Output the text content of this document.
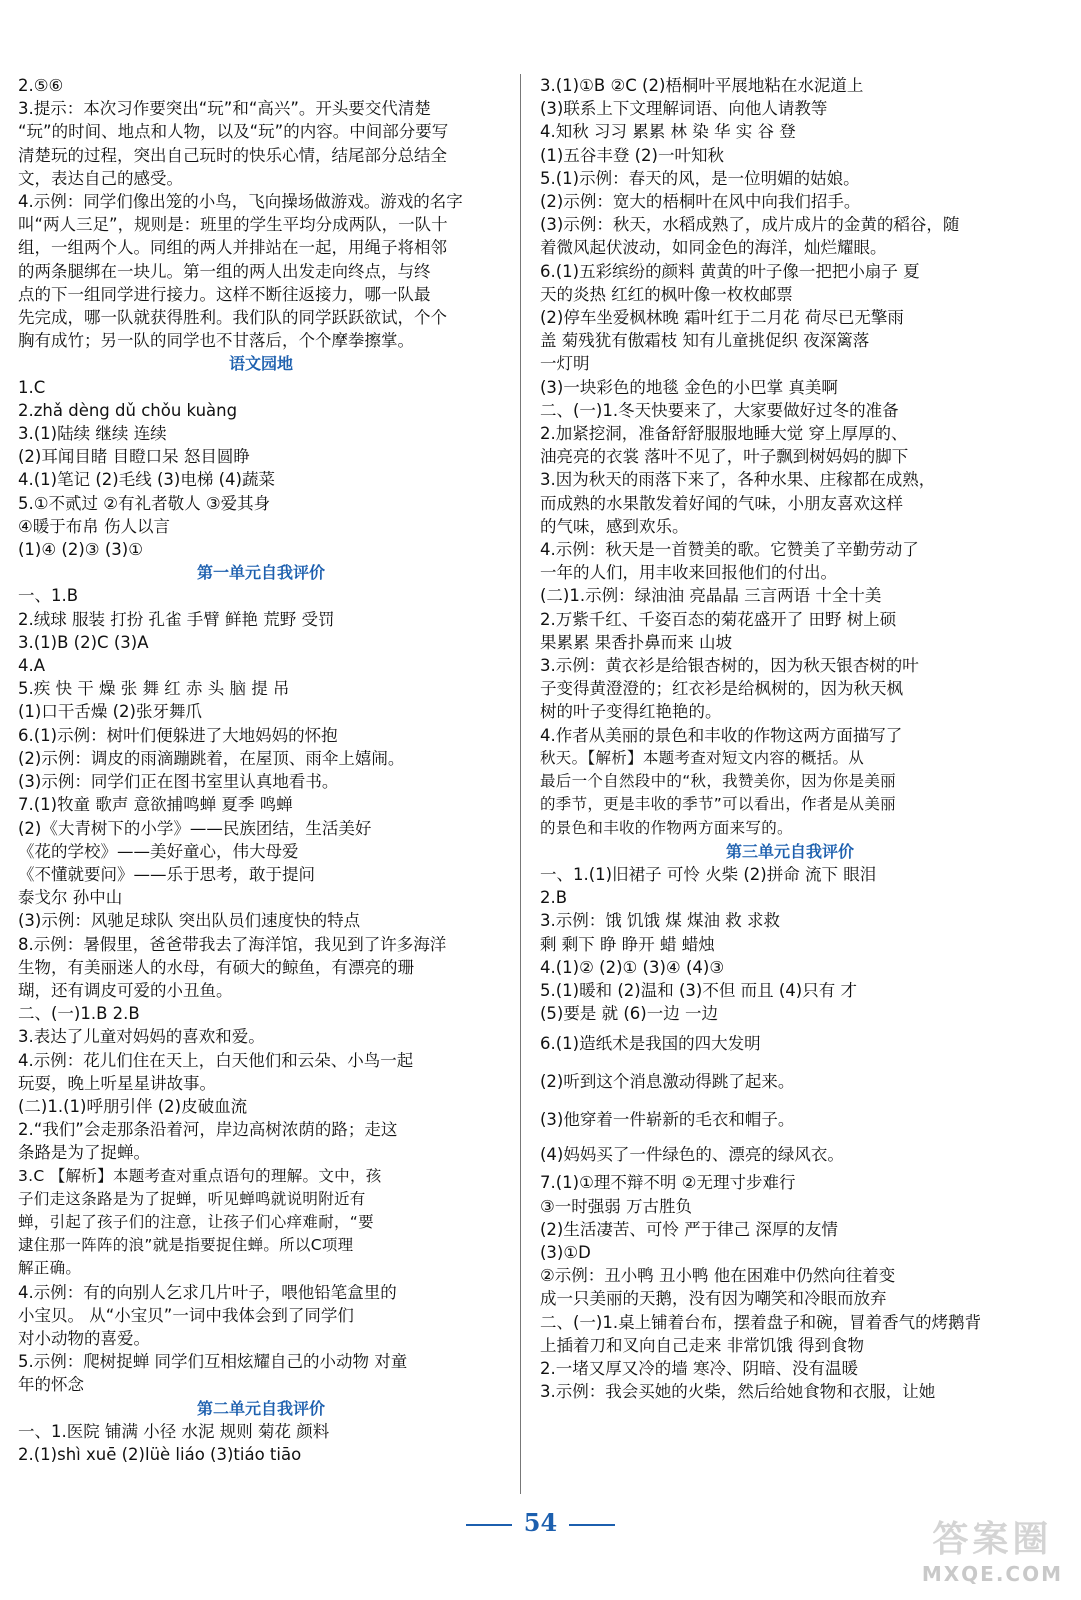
2.⑤⑥
3.提示：本次习作要突出“玩”和“高兴”。开头要交代清楚
“玩”的时间、地点和人物，以及“玩”的内容。中间部分要写
清楚玩的过程，突出自己玩时的快乐心情，结尾部分总结全
文，表达自己的感受。
4.示例：同学们像出笼的小鸟，飞向操场做游戏。游戏的名字
叫“两人三足”，规则是：班里的学生平均分成两队，一队十
组，一组两个人。同组的两人并排站在一起，用绳子将相邻
的两条腿绑在一块儿。第一组的两人出发走向终点，与终
点的下一组同学进行接力。这样不断往返接力，哪一队最
先完成，哪一队就获得胜利。我们队的同学跃跃欲试，个个
胸有成竹；另一队的同学也不甘落后，个个摩拳擦掌。
语文园地
1.C
2.zhǎ dèng dǔ chǒu kuàng
3.(1)陆续 继续 连续
(2)耳闻目睹 目瞪口呆 怒目圆睁
4.(1)笔记 (2)毛线 (3)电梯 (4)蔬菜
5.①不贰过 ②有礼者敬人 ③爱其身
④暖于布帛 伤人以言
(1)④ (2)③ (3)①
第一单元自我评价
一、1.B
2.绒球 服装 打扮 孔雀 手臂 鲜艳 荒野 受罚
3.(1)B (2)C (3)A
4.A
5.疾 快 干 燥 张 舞 红 赤 头 脑 提 吊
(1)口干舌燥 (2)张牙舞爪
6.(1)示例：树叶们便躲进了大地妈妈的怀抱
(2)示例：调皮的雨滴蹦跳着，在屋顶、雨伞上嬉闹。
(3)示例：同学们正在图书室里认真地看书。
7.(1)牧童 歌声 意欲捕鸣蝉 夏季 鸣蝉
(2)《大青树下的小学》——民族团结，生活美好
《花的学校》——美好童心，伟大母爱
《不懂就要问》——乐于思考，敢于提问
泰戈尔 孙中山
(3)示例：风驰足球队 突出队员们速度快的特点
8.示例：暑假里，爸爸带我去了海洋馆，我见到了许多海洋
生物，有美丽迷人的水母，有硕大的鲸鱼，有漂亮的珊
瑚，还有调皮可爱的小丑鱼。
二、(一)1.B 2.B
3.表达了儿童对妈妈的喜欢和爱。
4.示例：花儿们住在天上，白天他们和云朵、小鸟一起
玩耍，晚上听星星讲故事。
(二)1.(1)呼朋引伴 (2)皮破血流
2.“我们”会走那条沿着河，岸边高树浓荫的路；走这
条路是为了捉蝉。
3.C 【解析】本题考查对重点语句的理解。文中，孩
子们走这条路是为了捉蝉，听见蝉鸣就说明附近有
蝉，引起了孩子们的注意，让孩子们心痒难耐，“要
逮住那一阵阵的浪”就是指要捉住蝉。所以C项理
解正确。
4.示例：有的向别人乞求几片叶子，喂他铅笔盒里的
小宝贝。 从“小宝贝”一词中我体会到了同学们
对小动物的喜爱。
5.示例：爬树捉蝉 同学们互相炫耀自己的小动物 对童
年的怀念
第二单元自我评价
一、1.医院 铺满 小径 水泥 规则 菊花 颜料
2.(1)shì xuē (2)lüè liáo (3)tiáo tiāo
3.(1)①B ②C (2)梧桐叶平展地粘在水泥道上
(3)联系上下文理解词语、向他人请教等
4.知秋 习习 累累 林 染 华 实 谷 登
(1)五谷丰登 (2)一叶知秋
5.(1)示例：春天的风，是一位明媚的姑娘。
(2)示例：宽大的梧桐叶在风中向我们招手。
(3)示例：秋天，水稻成熟了，成片成片的金黄的稻谷，随
着微风起伏波动，如同金色的海洋，灿烂耀眼。
6.(1)五彩缤纷的颜料 黄黄的叶子像一把把小扇子 夏
天的炎热 红红的枫叶像一枚枚邮票
(2)停车坐爱枫林晚 霜叶红于二月花 荷尽已无擎雨
盖 菊残犹有傲霜枝 知有儿童挑促织 夜深篱落
一灯明
(3)一块彩色的地毯 金色的小巴掌 真美啊
二、(一)1.冬天快要来了，大家要做好过冬的准备
2.加紧挖洞，准备舒舒服服地睡大觉 穿上厚厚的、
油亮亮的衣裳 落叶不见了，叶子飘到树妈妈的脚下
3.因为秋天的雨落下来了，各种水果、庄稼都在成熟，
而成熟的水果散发着好闻的气味，小朋友喜欢这样
的气味，感到欢乐。
4.示例：秋天是一首赞美的歌。它赞美了辛勤劳动了
一年的人们，用丰收来回报他们的付出。
(二)1.示例：绿油油 亮晶晶 三言两语 十全十美
2.万紫千红、千姿百态的菊花盛开了 田野 树上硕
果累累 果香扑鼻而来 山坡
3.示例：黄衣衫是给银杏树的，因为秋天银杏树的叶
子变得黄澄澄的；红衣衫是给枫树的，因为秋天枫
树的叶子变得红艳艳的。
4.作者从美丽的景色和丰收的作物这两方面描写了
秋天。【解析】本题考查对短文内容的概括。从
最后一个自然段中的“秋，我赞美你，因为你是美丽
的季节，更是丰收的季节”可以看出，作者是从美丽
的景色和丰收的作物两方面来写的。
第三单元自我评价
一、1.(1)旧裙子 可怜 火柴 (2)拼命 流下 眼泪
2.B
3.示例：饿 饥饿 煤 煤油 救 求救
剩 剩下 睁 睁开 蜡 蜡烛
4.(1)② (2)① (3)④ (4)③
5.(1)暖和 (2)温和 (3)不但 而且 (4)只有 才
(5)要是 就 (6)一边 一边
6.(1)造纸术是我国的四大发明
(2)听到这个消息激动得跳了起来。
(3)他穿着一件崭新的毛衣和帽子。
(4)妈妈买了一件绿色的、漂亮的绿风衣。
7.(1)①理不辩不明 ②无理寸步难行
③一时强弱 万古胜负
(2)生活凄苦、可怜 严于律己 深厚的友情
(3)①D
②示例：丑小鸭 丑小鸭 他在困难中仍然向往着变
成一只美丽的天鹅，没有因为嘲笑和冷眼而放弃
二、(一)1.桌上铺着台布，摆着盘子和碗，冒着香气的烤鹅背
上插着刀和叉向自己走来 非常饥饿 得到食物
2.一堵又厚又冷的墙 寒冷、阴暗、没有温暖
3.示例：我会买她的火柴，然后给她食物和衣服，让她
54	答案圈
MXQE.COM
